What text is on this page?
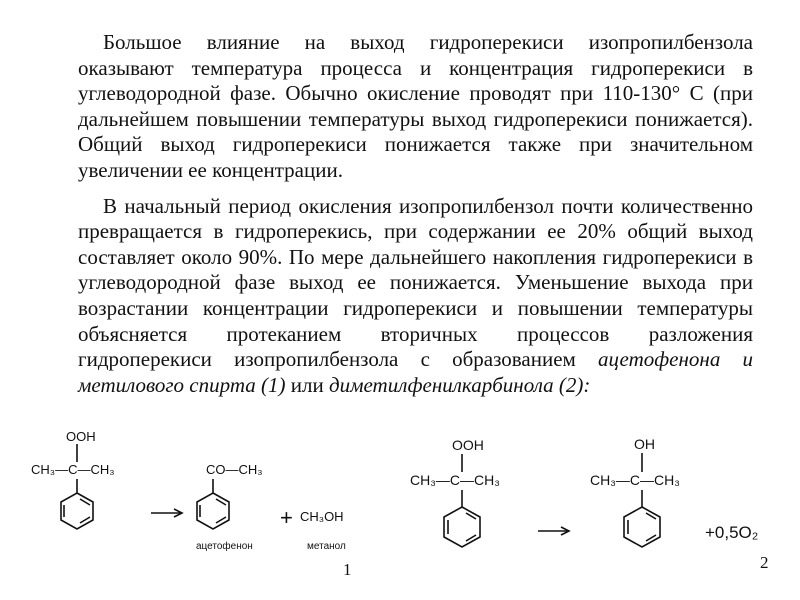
Большое влияние на выход гидроперекиси изопропилбензола оказывают температура процесса и концентрация гидроперекиси в углеводородной фазе. Обычно окисление проводят при 110-130° С (при дальнейшем повышении температуры выход гидроперекиси понижается). Общий выход гидроперекиси понижается также при значительном увеличении ее концентрации.

В начальный период окисления изопропилбензол почти количественно превращается в гидроперекись, при содержании ее 20% общий выход составляет около 90%. По мере дальнейшего накопления гидроперекиси в углеводородной фазе выход ее понижается. Уменьшение выхода при возрастании концентрации гидроперекиси и повышении температуры объясняется протеканием вторичных процессов разложения гидроперекиси изопропилбензола с образованием ацетофенона и метилового спирта (1) или диметилфенилкарбинола (2):

OOH
CH₃—C—CH₃	CO—CH₃
ацетофенон
+ CH₃OH
метанол
OOH
CH₃—C—CH₃
OH
CH₃—C—CH₃
+0,5O₂
1	2
